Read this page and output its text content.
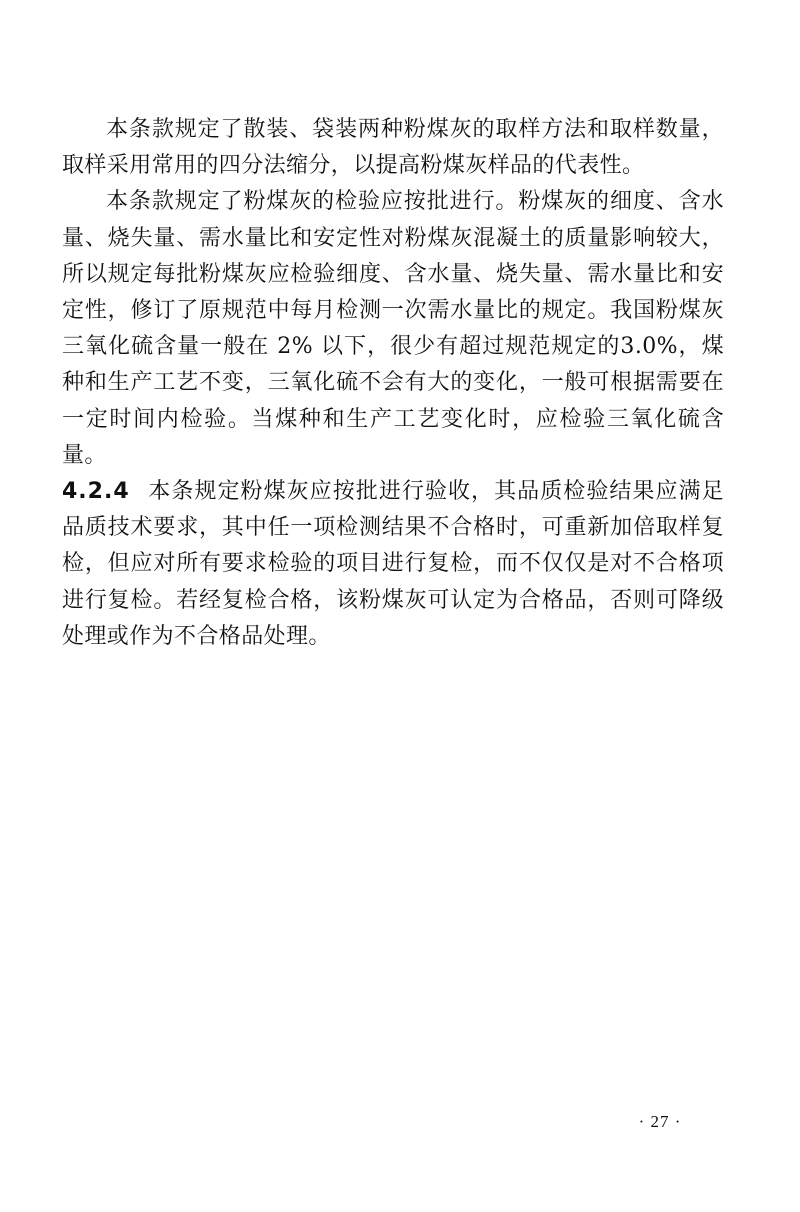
本条款规定了散装、袋装两种粉煤灰的取样方法和取样数量，取样采用常用的四分法缩分，以提高粉煤灰样品的代表性。

本条款规定了粉煤灰的检验应按批进行。粉煤灰的细度、含水量、烧失量、需水量比和安定性对粉煤灰混凝土的质量影响较大，所以规定每批粉煤灰应检验细度、含水量、烧失量、需水量比和安定性，修订了原规范中每月检测一次需水量比的规定。我国粉煤灰三氧化硫含量一般在 2% 以下，很少有超过规范规定的3.0%，煤种和生产工艺不变，三氧化硫不会有大的变化，一般可根据需要在一定时间内检验。当煤种和生产工艺变化时，应检验三氧化硫含量。

4.2.4 本条规定粉煤灰应按批进行验收，其品质检验结果应满足品质技术要求，其中任一项检测结果不合格时，可重新加倍取样复检，但应对所有要求检验的项目进行复检，而不仅仅是对不合格项进行复检。若经复检合格，该粉煤灰可认定为合格品，否则可降级处理或作为不合格品处理。

· 27 ·
